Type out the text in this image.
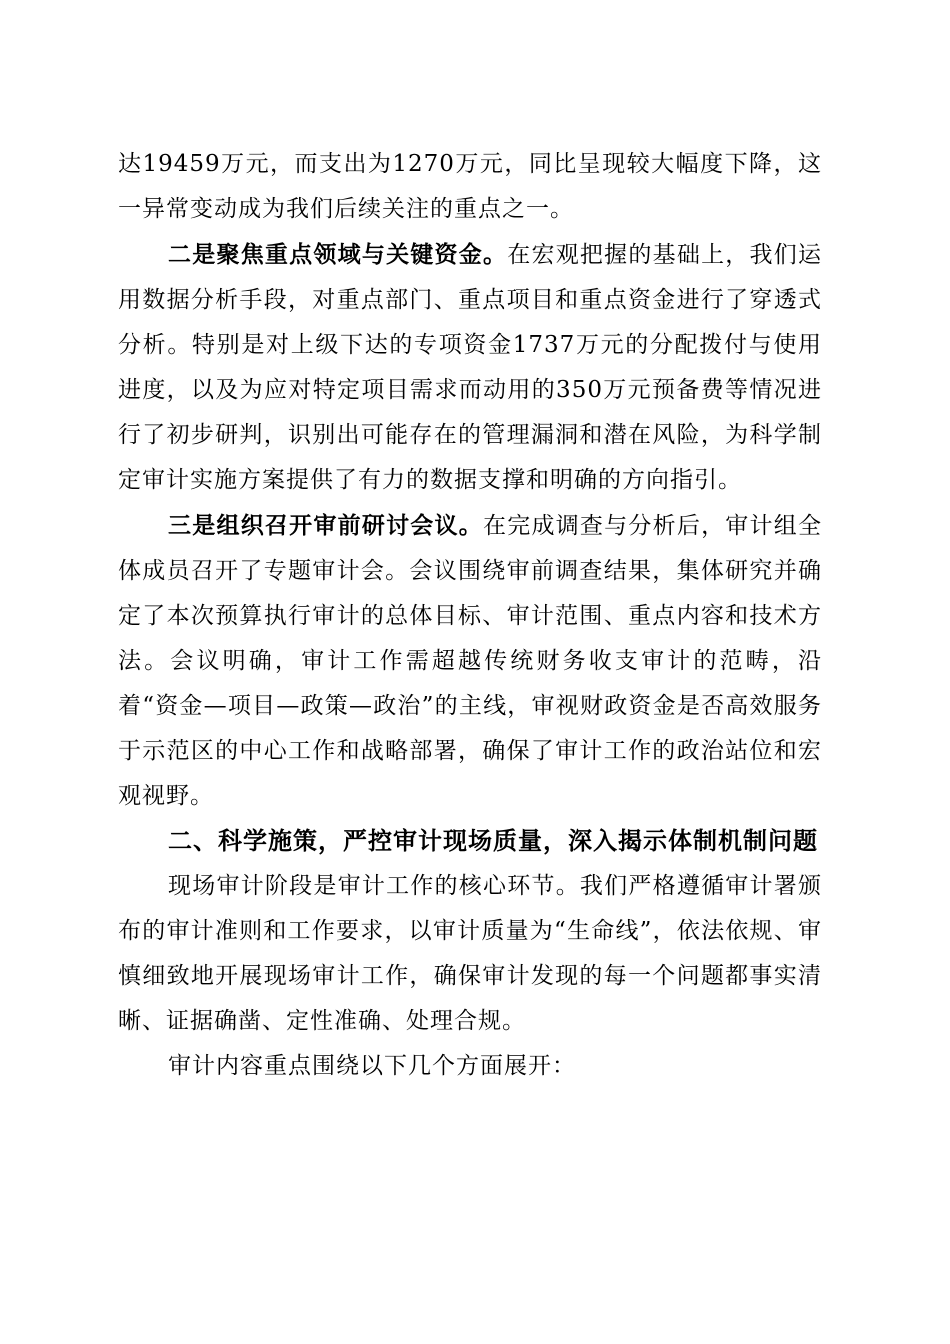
达19459万元，而支出为1270万元，同比呈现较大幅度下降，这一异常变动成为我们后续关注的重点之一。

二是聚焦重点领域与关键资金。在宏观把握的基础上，我们运用数据分析手段，对重点部门、重点项目和重点资金进行了穿透式分析。特别是对上级下达的专项资金1737万元的分配拨付与使用进度，以及为应对特定项目需求而动用的350万元预备费等情况进行了初步研判，识别出可能存在的管理漏洞和潜在风险，为科学制定审计实施方案提供了有力的数据支撑和明确的方向指引。

三是组织召开审前研讨会议。在完成调查与分析后，审计组全体成员召开了专题审计会。会议围绕审前调查结果，集体研究并确定了本次预算执行审计的总体目标、审计范围、重点内容和技术方法。会议明确，审计工作需超越传统财务收支审计的范畴，沿着“资金—项目—政策—政治”的主线，审视财政资金是否高效服务于示范区的中心工作和战略部署，确保了审计工作的政治站位和宏观视野。

二、科学施策，严控审计现场质量，深入揭示体制机制问题

现场审计阶段是审计工作的核心环节。我们严格遵循审计署颁布的审计准则和工作要求，以审计质量为“生命线”，依法依规、审慎细致地开展现场审计工作，确保审计发现的每一个问题都事实清晰、证据确凿、定性准确、处理合规。

审计内容重点围绕以下几个方面展开：
